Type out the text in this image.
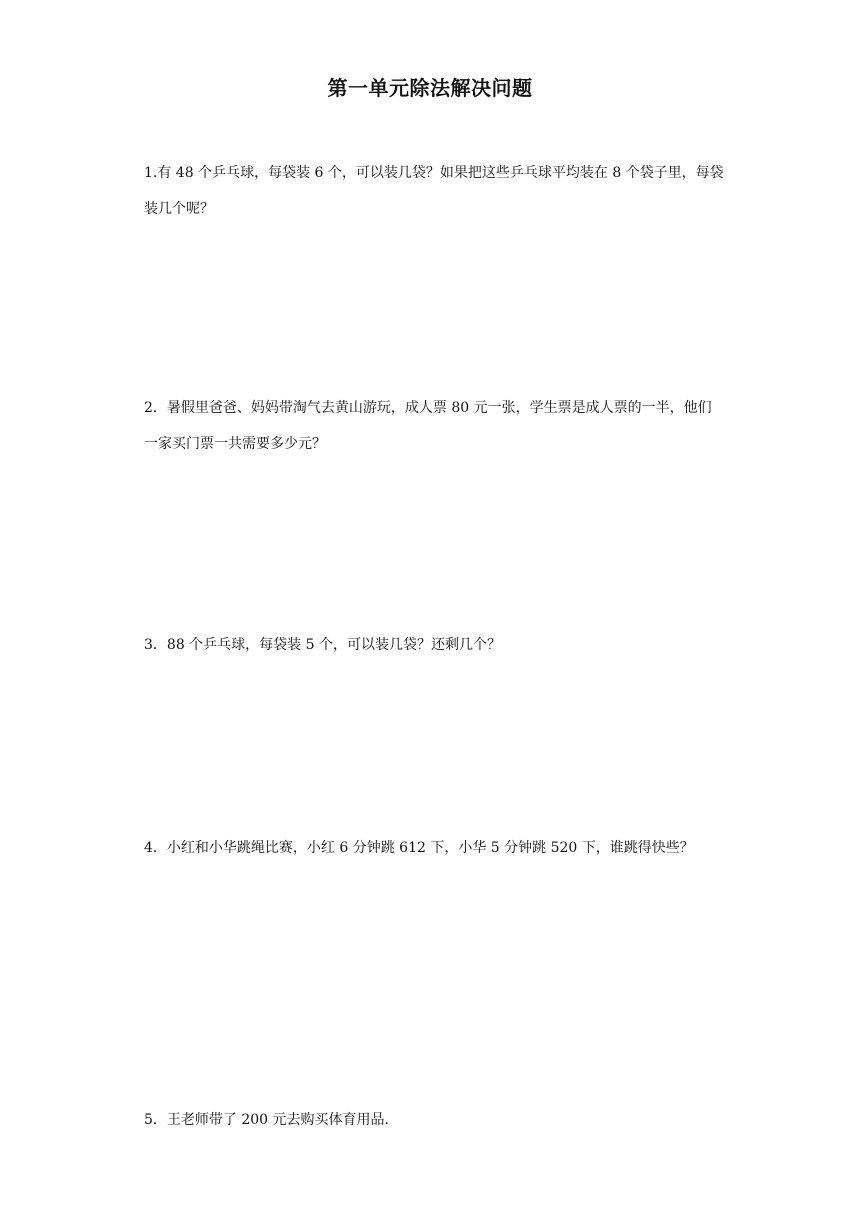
第一单元除法解决问题
1.有 48 个乒乓球，每袋装 6 个，可以装几袋？如果把这些乒乓球平均装在 8 个袋子里，每袋装几个呢？
2．暑假里爸爸、妈妈带淘气去黄山游玩，成人票 80 元一张，学生票是成人票的一半，他们一家买门票一共需要多少元？
3．88 个乒乓球，每袋装 5 个，可以装几袋？还剩几个？
4．小红和小华跳绳比赛，小红 6 分钟跳 612 下，小华 5 分钟跳 520 下，谁跳得快些？
5．王老师带了 200 元去购买体育用品．
